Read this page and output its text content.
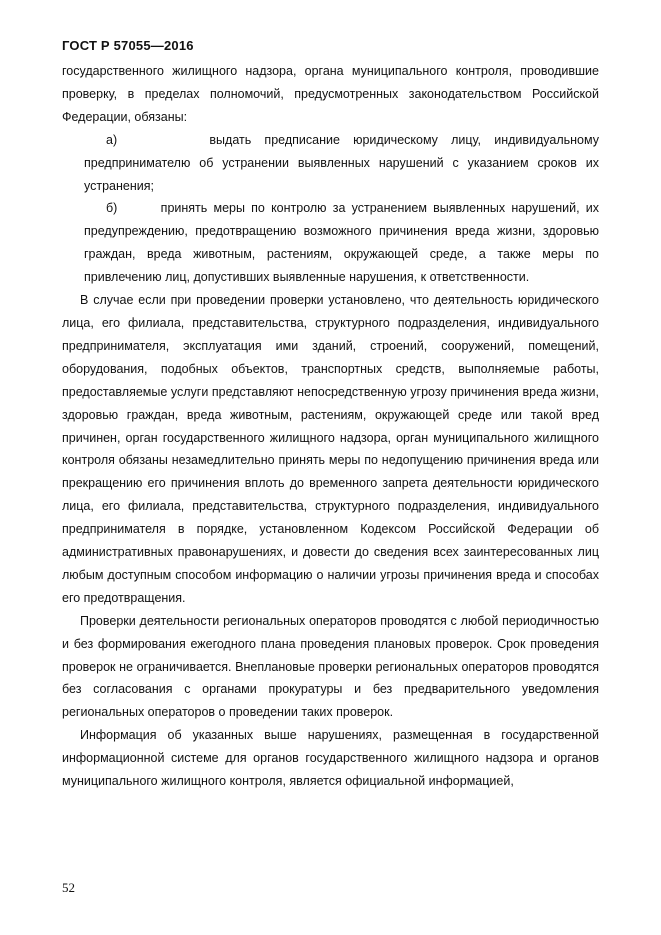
ГОСТ Р 57055—2016

государственного жилищного надзора, органа муниципального контроля, проводившие проверку, в пределах полномочий, предусмотренных законодательством Российской Федерации, обязаны:

а)       выдать предписание юридическому лицу, индивидуальному предпринимателю об устранении выявленных нарушений с указанием сроков их устранения;

б)       принять меры по контролю за устранением выявленных нарушений, их предупреждению, предотвращению возможного причинения вреда жизни, здоровью граждан, вреда животным, растениям, окружающей среде, а также меры по привлечению лиц, допустивших выявленные нарушения, к ответственности.

В случае если при проведении проверки установлено, что деятельность юридического лица, его филиала, представительства, структурного подразделения, индивидуального предпринимателя, эксплуатация ими зданий, строений, сооружений, помещений, оборудования, подобных объектов, транспортных средств, выполняемые работы, предоставляемые услуги представляют непосредственную угрозу причинения вреда жизни, здоровью граждан, вреда животным, растениям, окружающей среде или такой вред причинен, орган государственного жилищного надзора, орган муниципального жилищного контроля обязаны незамедлительно принять меры по недопущению причинения вреда или прекращению его причинения вплоть до временного запрета деятельности юридического лица, его филиала, представительства, структурного подразделения, индивидуального предпринимателя в порядке, установленном Кодексом Российской Федерации об административных правонарушениях, и довести до сведения всех заинтересованных лиц любым доступным способом информацию о наличии угрозы причинения вреда и способах его предотвращения.

Проверки деятельности региональных операторов проводятся с любой периодичностью и без формирования ежегодного плана проведения плановых проверок. Срок проведения проверок не ограничивается. Внеплановые проверки региональных операторов проводятся без согласования с органами прокуратуры и без предварительного уведомления региональных операторов о проведении таких проверок.

Информация об указанных выше нарушениях, размещенная в государственной информационной системе для органов государственного жилищного надзора и органов муниципального жилищного контроля, является официальной информацией,

52
